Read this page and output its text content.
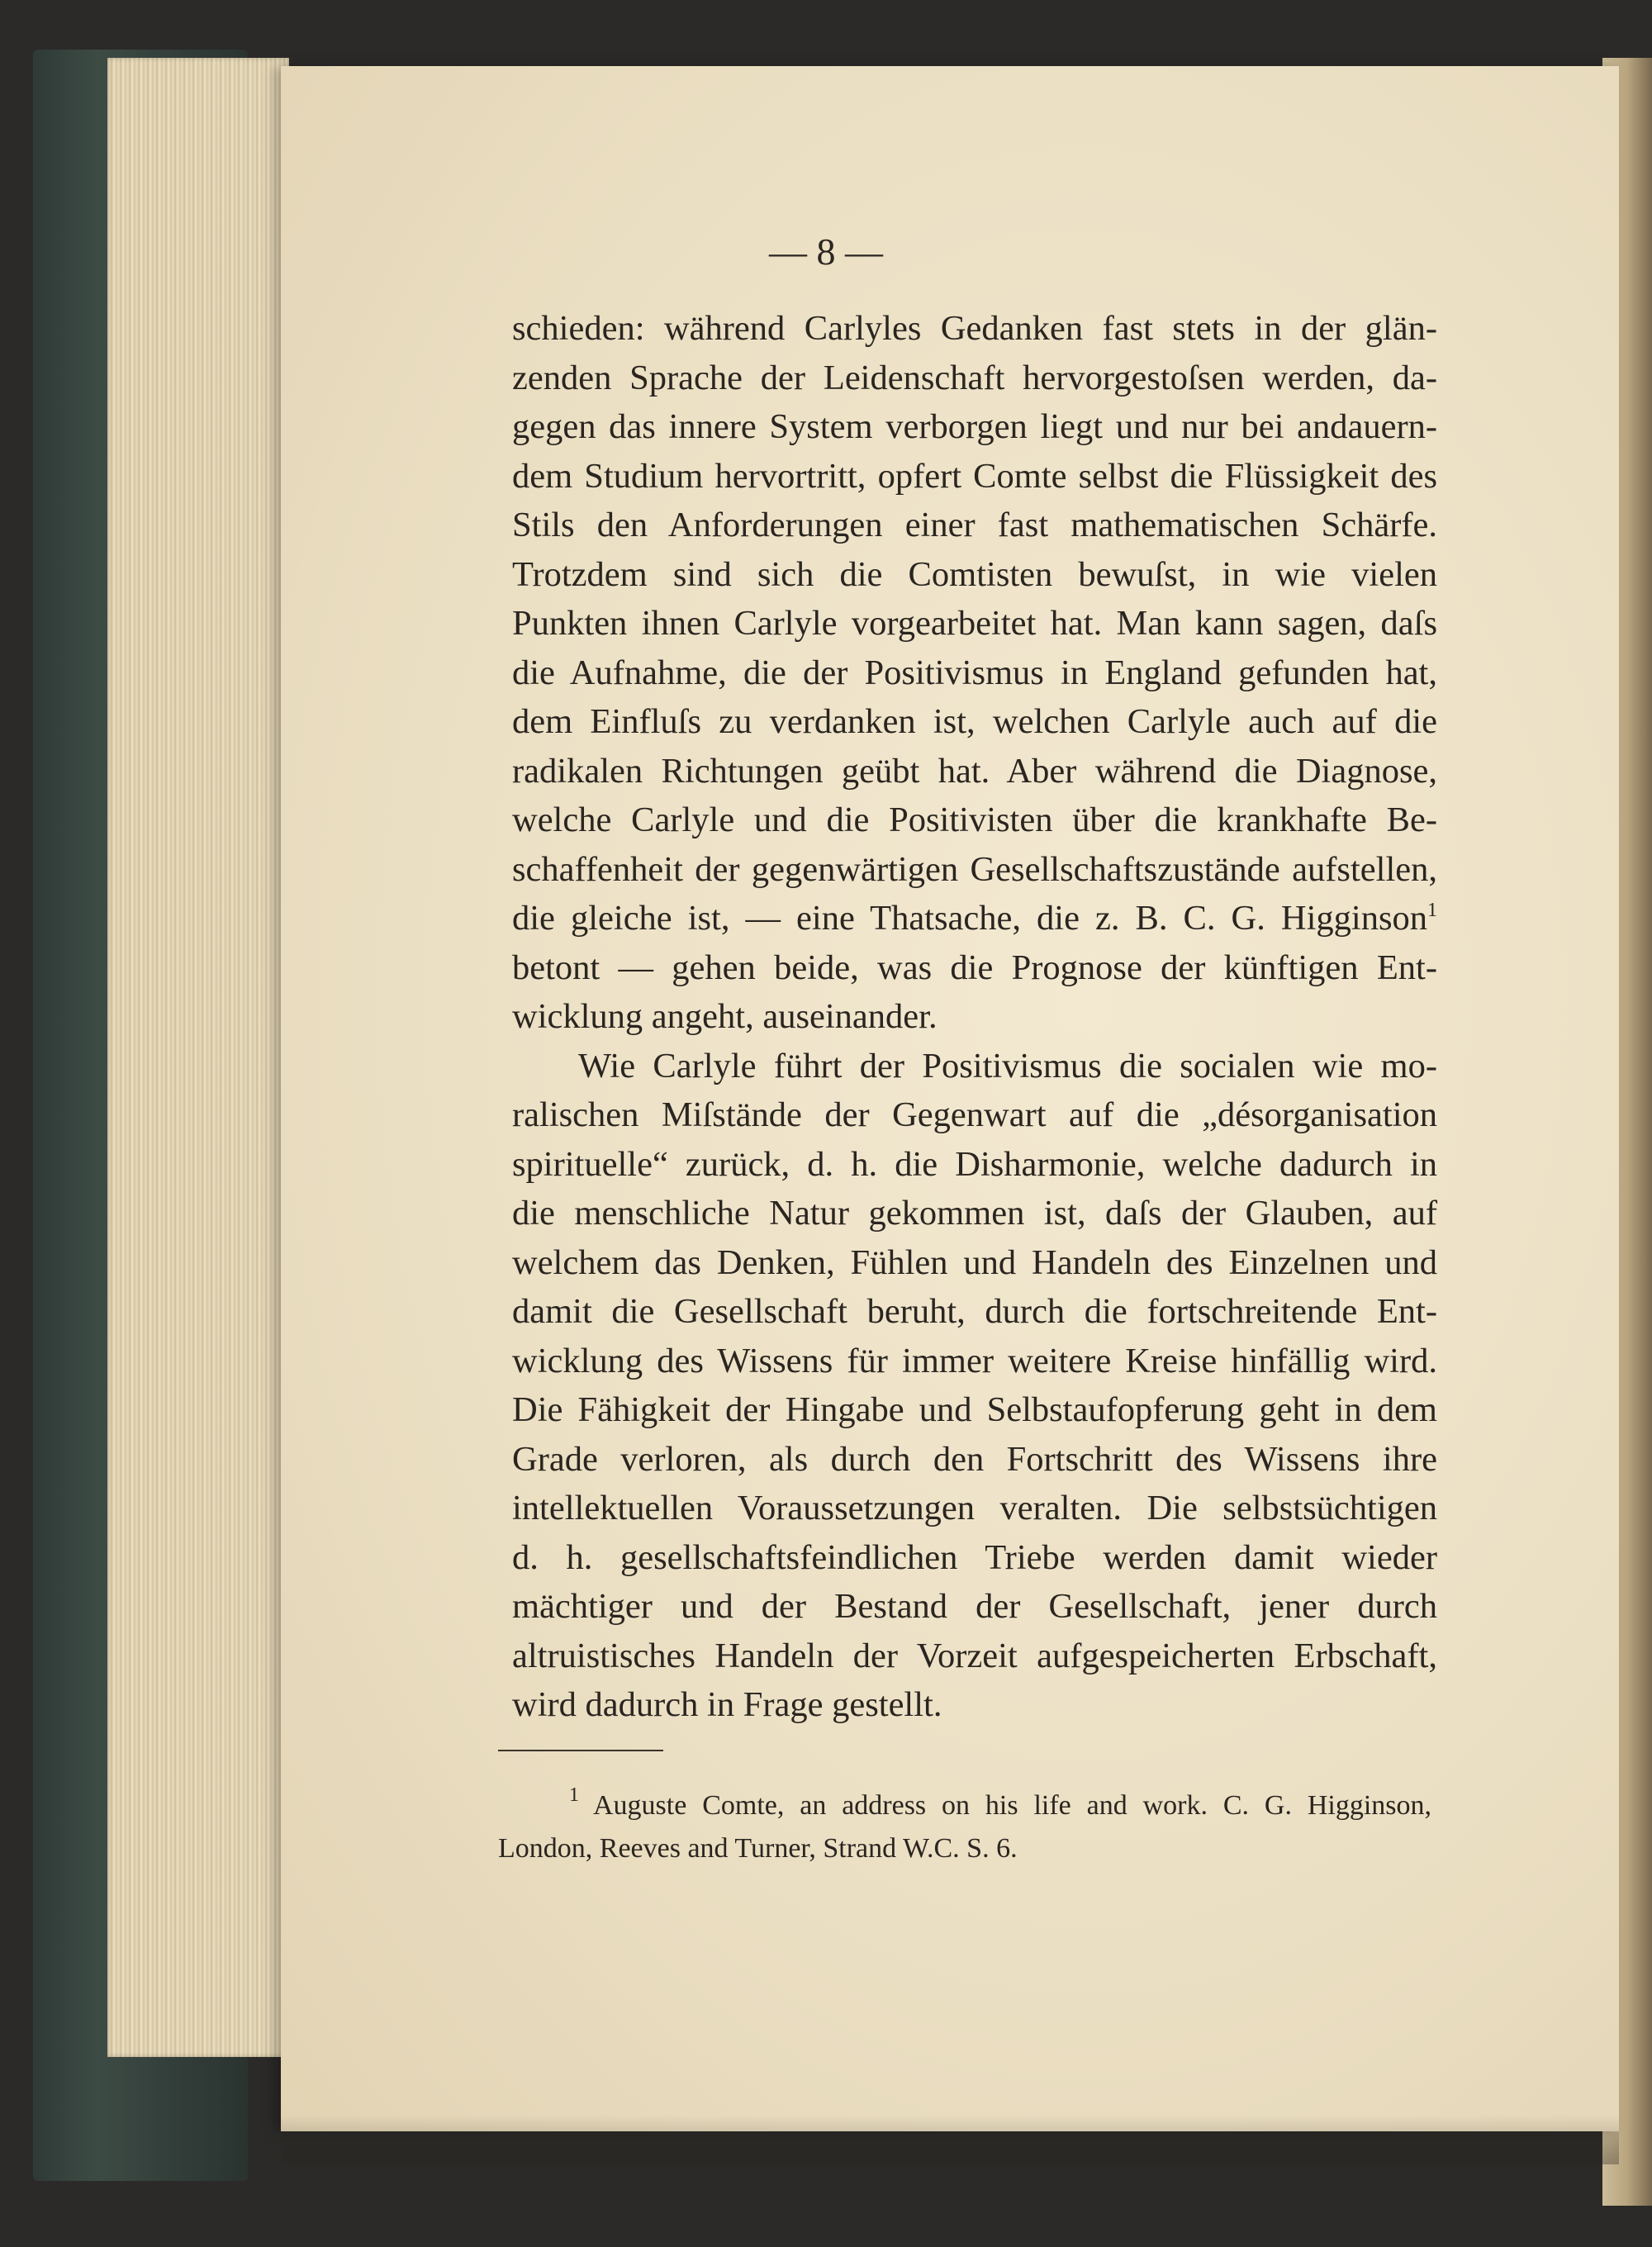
— 8 —
schieden: während Carlyles Gedanken fast stets in der glän-
zenden Sprache der Leidenschaft hervorgestoſsen werden, da-
gegen das innere System verborgen liegt und nur bei andauern-
dem Studium hervortritt, opfert Comte selbst die Flüssigkeit des
Stils den Anforderungen einer fast mathematischen Schärfe.
Trotzdem sind sich die Comtisten bewuſst, in wie vielen
Punkten ihnen Carlyle vorgearbeitet hat. Man kann sagen, daſs
die Aufnahme, die der Positivismus in England gefunden hat,
dem Einfluſs zu verdanken ist, welchen Carlyle auch auf die
radikalen Richtungen geübt hat. Aber während die Diagnose,
welche Carlyle und die Positivisten über die krankhafte Be-
schaffenheit der gegenwärtigen Gesellschaftszustände aufstellen,
die gleiche ist, — eine Thatsache, die z. B. C. G. Higginson$^1$
betont — gehen beide, was die Prognose der künftigen Ent-
wicklung angeht, auseinander.
Wie Carlyle führt der Positivismus die socialen wie mo-
ralischen Miſstände der Gegenwart auf die „désorganisation
spirituelle“ zurück, d. h. die Disharmonie, welche dadurch in
die menschliche Natur gekommen ist, daſs der Glauben, auf
welchem das Denken, Fühlen und Handeln des Einzelnen und
damit die Gesellschaft beruht, durch die fortschreitende Ent-
wicklung des Wissens für immer weitere Kreise hinfällig wird.
Die Fähigkeit der Hingabe und Selbstaufopferung geht in dem
Grade verloren, als durch den Fortschritt des Wissens ihre
intellektuellen Voraussetzungen veralten. Die selbstsüchtigen
d. h. gesellschaftsfeindlichen Triebe werden damit wieder
mächtiger und der Bestand der Gesellschaft, jener durch
altruistisches Handeln der Vorzeit aufgespeicherten Erbschaft,
wird dadurch in Frage gestellt.
$^1$ Auguste Comte, an address on his life and work. C. G. Higginson,
London, Reeves and Turner, Strand W.C. S. 6.
